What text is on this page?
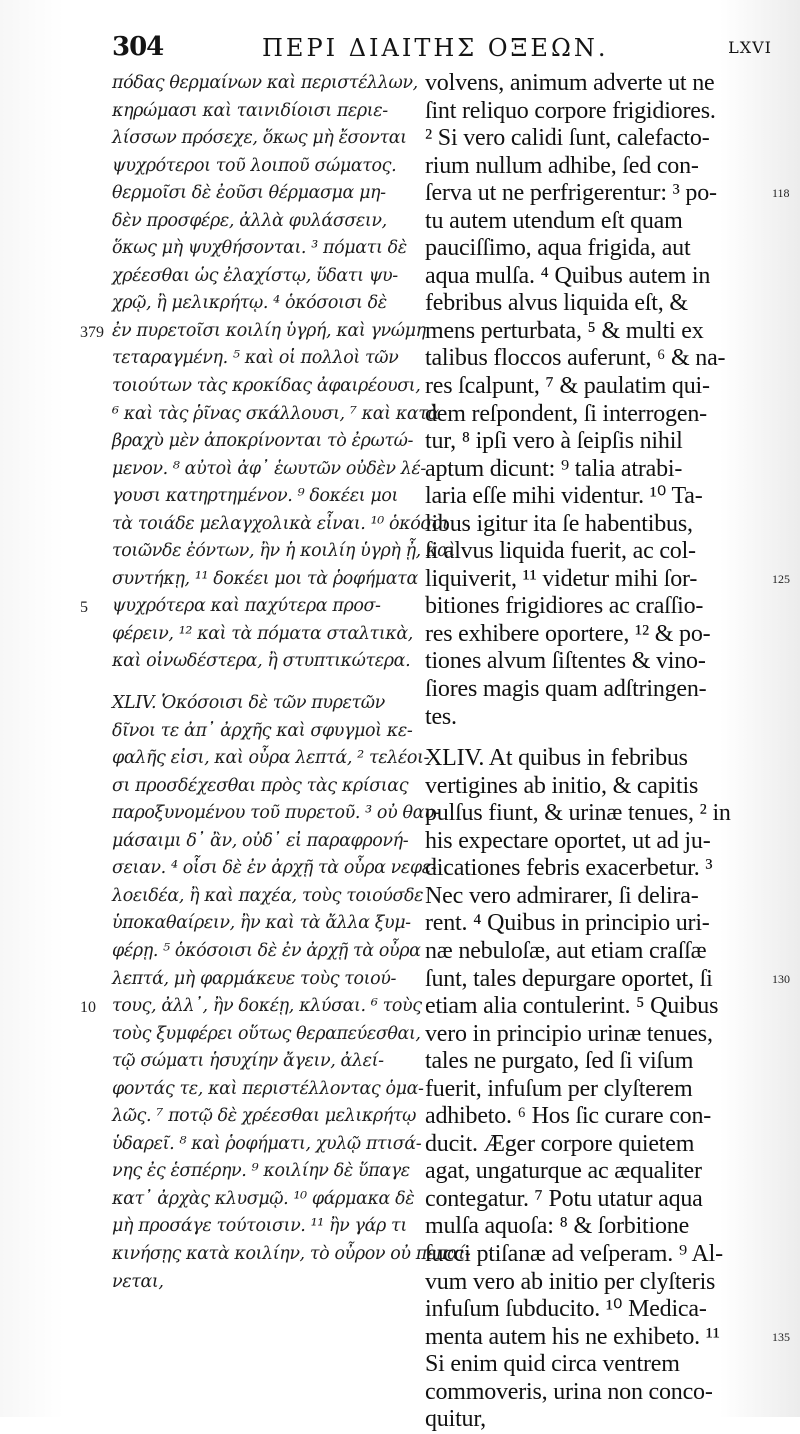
304	ΠΕΡΙ ΔΙΑΙΤΗΣ ΟΞΕΩΝ.	LXVI
πόδας θερμαίνων καὶ περιστέλλων,
κηρώμασι καὶ ταινιδίοισι περιε-
λίσσων πρόσεχε, ὅκως μὴ ἔσονται
ψυχρότεροι τοῦ λοιποῦ σώματος.
θερμοῖσι δὲ ἐοῦσι θέρμασμα μη-
δὲν προσφέρε, ἀλλὰ φυλάσσειν,
ὅκως μὴ ψυχθήσονται. ³ πόματι δὲ
χρέεσθαι ὡς ἐλαχίστῳ, ὕδατι ψυ-
χρῷ, ἢ μελικρήτῳ. ⁴ ὁκόσοισι δὲ
ἐν πυρετοῖσι κοιλίη ὑγρή, καὶ γνώμη
τεταραγμένη. ⁵ καὶ οἱ πολλοὶ τῶν
τοιούτων τὰς κροκίδας ἀφαιρέουσι,
⁶ καὶ τὰς ῥῖνας σκάλλουσι, ⁷ καὶ κατὰ
βραχὺ μὲν ἀποκρίνονται τὸ ἐρωτώ-
μενον. ⁸ αὐτοὶ ἀφ᾽ ἑωυτῶν οὐδὲν λέ-
γουσι κατηρτημένον. ⁹ δοκέει μοι
τὰ τοιάδε μελαγχολικὰ εἶναι. ¹⁰ ὁκόσοι
τοιῶνδε ἐόντων, ἢν ἡ κοιλίη ὑγρὴ ᾖ, καὶ
συντήκῃ, ¹¹ δοκέει μοι τὰ ῥοφήματα
ψυχρότερα καὶ παχύτερα προσ-
φέρειν, ¹² καὶ τὰ πόματα σταλτικὰ,
καὶ οἰνωδέστερα, ἢ στυπτικώτερα.
XLIV. Ὁκόσοισι δὲ τῶν πυρετῶν
δῖνοι τε ἀπ᾽ ἀρχῆς καὶ σφυγμοὶ κε-
φαλῆς εἰσι, καὶ οὖρα λεπτά, ² τελέοι-
σι προσδέχεσθαι πρὸς τὰς κρίσιας
παροξυνομένου τοῦ πυρετοῦ. ³ οὐ θαυ-
μάσαιμι δ᾽ ἂν, οὐδ᾽ εἰ παραφρονή-
σειαν. ⁴ οἷσι δὲ ἐν ἀρχῇ τὰ οὖρα νεφε-
λοειδέα, ἢ καὶ παχέα, τοὺς τοιούσδε
ὑποκαθαίρειν, ἢν καὶ τὰ ἄλλα ξυμ-
φέρῃ. ⁵ ὁκόσοισι δὲ ἐν ἀρχῇ τὰ οὖρα
λεπτά, μὴ φαρμάκευε τοὺς τοιού-
τους, ἀλλ᾽, ἢν δοκέῃ, κλύσαι. ⁶ τοὺς
τοὺς ξυμφέρει οὕτως θεραπεύεσθαι,
τῷ σώματι ἡσυχίην ἄγειν, ἀλεί-
φοντάς τε, καὶ περιστέλλοντας ὁμα-
λῶς. ⁷ ποτῷ δὲ χρέεσθαι μελικρήτῳ
ὑδαρεῖ. ⁸ καὶ ῥοφήματι, χυλῷ πτισά-
νης ἐς ἑσπέρην. ⁹ κοιλίην δὲ ὕπαγε
κατ᾽ ἀρχὰς κλυσμῷ. ¹⁰ φάρμακα δὲ
μὴ προσάγε τούτοισιν. ¹¹ ἢν γάρ τι
κινήσῃς κατὰ κοιλίην, τὸ οὖρον οὐ πεπαί-
νεται,
volvens, animum adverte ut ne
ſint reliquo corpore frigidiores.
² Si vero calidi ſunt, calefacto-
rium nullum adhibe, ſed con-
ſerva ut ne perfrigerentur: ³ po-
tu autem utendum eſt quam
pauciſſimo, aqua frigida, aut
aqua mulſa. ⁴ Quibus autem in
febribus alvus liquida eſt, &
mens perturbata, ⁵ & multi ex
talibus floccos auferunt, ⁶ & na-
res ſcalpunt, ⁷ & paulatim qui-
dem reſpondent, ſi interrogen-
tur, ⁸ ipſi vero à ſeipſis nihil
aptum dicunt: ⁹ talia atrabi-
laria eſſe mihi videntur. ¹⁰ Ta-
libus igitur ita ſe habentibus,
ſi alvus liquida fuerit, ac col-
liquiverit, ¹¹ videtur mihi ſor-
bitiones frigidiores ac craſſio-
res exhibere oportere, ¹² & po-
tiones alvum ſiſtentes & vino-
ſiores magis quam adſtringen-
tes.
XLIV. At quibus in febribus
vertigines ab initio, & capitis
pulſus fiunt, & urinæ tenues, ² in
his expectare oportet, ut ad ju-
dicationes febris exacerbetur. ³
Nec vero admirarer, ſi delira-
rent. ⁴ Quibus in principio uri-
næ nebuloſæ, aut etiam craſſæ
ſunt, tales depurgare oportet, ſi
etiam alia contulerint. ⁵ Quibus
vero in principio urinæ tenues,
tales ne purgato, ſed ſi viſum
fuerit, infuſum per clyſterem
adhibeto. ⁶ Hos ſic curare con-
ducit. Æger corpore quietem
agat, ungaturque ac æqualiter
contegatur. ⁷ Potu utatur aqua
mulſa aquoſa: ⁸ & ſorbitione
ſucci ptiſanæ ad veſperam. ⁹ Al-
vum vero ab initio per clyſteris
infuſum ſubducito. ¹⁰ Medica-
menta autem his ne exhibeto. ¹¹
Si enim quid circa ventrem
commoveris, urina non conco-
quitur,
379
5
10
118
125
130
135
